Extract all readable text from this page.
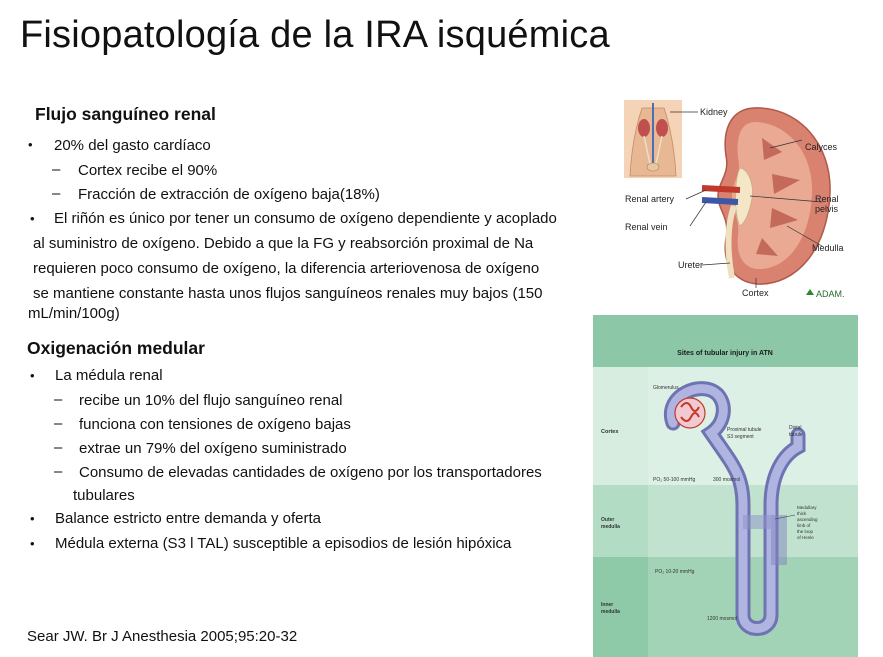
Fisiopatología de la IRA isquémica
Flujo sanguíneo renal
• 20% del gasto cardíaco
– Cortex recibe el 90%
– Fracción de extracción de oxígeno baja(18%)
• El riñón es único por tener un consumo de oxígeno dependiente y acoplado
al suministro de oxígeno. Debido a que la FG y reabsorción proximal de Na
requieren poco consumo de oxígeno, la diferencia arteriovenosa de oxígeno
se mantiene constante hasta unos flujos sanguíneos renales muy bajos (150
mL/min/100g)
Oxigenación medular
• La médula renal
– recibe un 10% del flujo sanguíneo renal
– funciona con tensiones de oxígeno bajas
– extrae un 79% del oxígeno suministrado
– Consumo de elevadas cantidades de oxígeno por los transportadores
tubulares
• Balance estricto entre demanda y oferta
• Médula externa (S3 l TAL) susceptible a episodios de lesión hipóxica
Sear JW. Br J Anesthesia 2005;95:20-32
Kidney
Calyces
Renal artery
Renal vein
Renal
pelvis
Medulla
Ureter
Cortex	ADAM.
Sites of tubular injury in ATN
Glomerulus
Cortex
Outer
medulla
Inner
medulla
Proximal tubule
S3 segment
Distal
tubule
PO₂ 50-100 mmHg	300 mosmol
PO₂ 10-20 mmHg
1200 mosmol
Medullary
thick
ascending
limb of
the loop
of Henle
